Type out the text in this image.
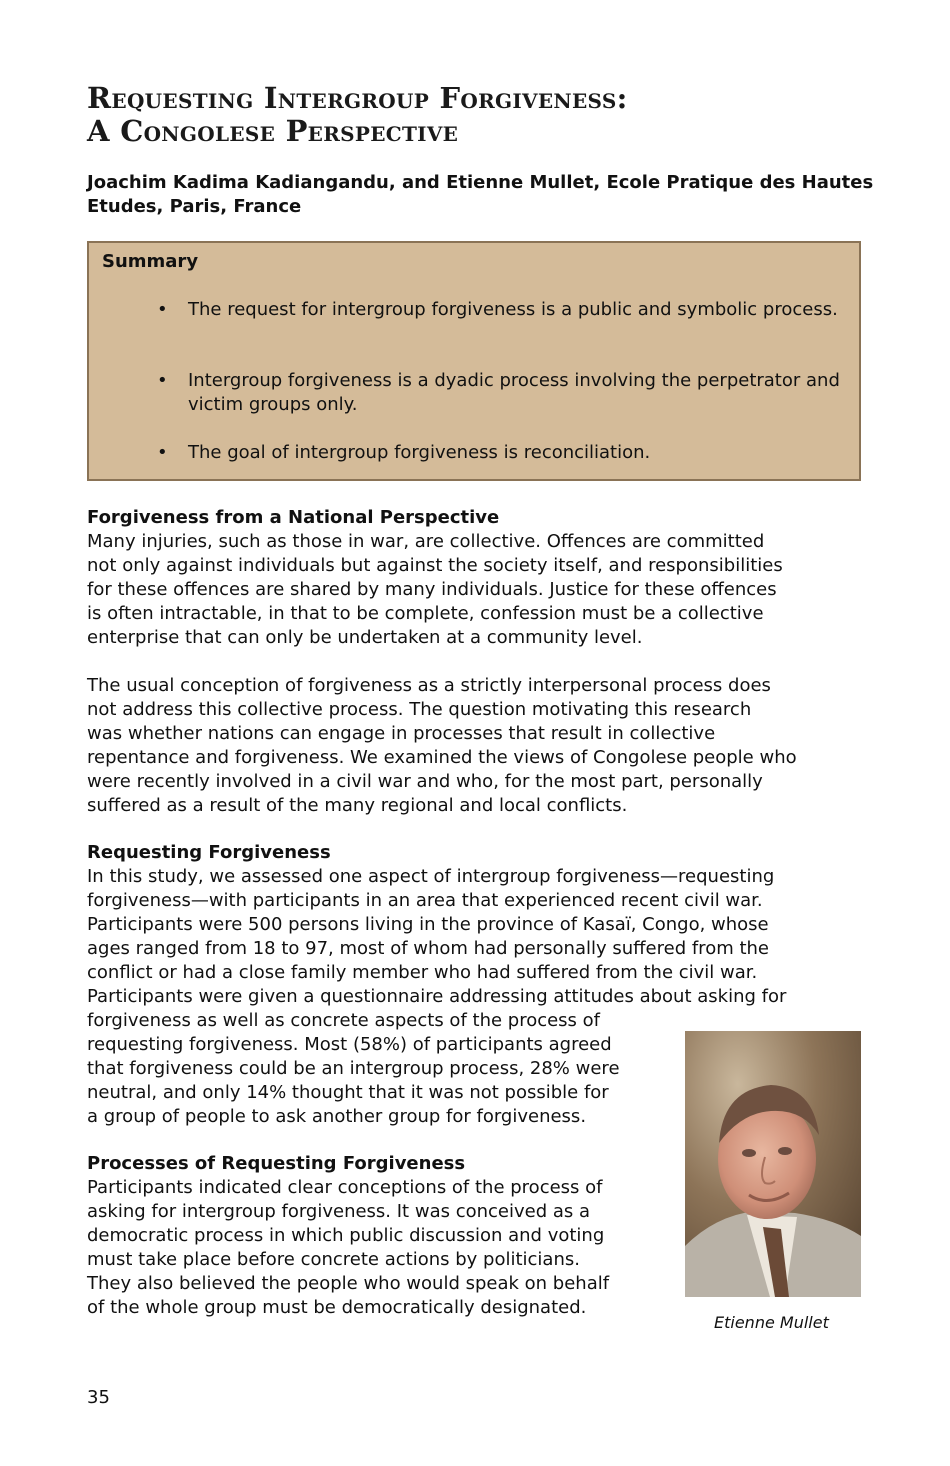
Requesting Intergroup Forgiveness:
A Congolese Perspective
Joachim Kadima Kadiangandu, and Etienne Mullet, Ecole Pratique des Hautes Etudes, Paris, France
Summary
• The request for intergroup forgiveness is a public and symbolic process.
• Intergroup forgiveness is a dyadic process involving the perpetrator and victim groups only.
• The goal of intergroup forgiveness is reconciliation.
Forgiveness from a National Perspective
Many injuries, such as those in war, are collective. Offences are committed
not only against individuals but against the society itself, and responsibilities
for these offences are shared by many individuals. Justice for these offences
is often intractable, in that to be complete, confession must be a collective
enterprise that can only be undertaken at a community level.
The usual conception of forgiveness as a strictly interpersonal process does
not address this collective process. The question motivating this research
was whether nations can engage in processes that result in collective
repentance and forgiveness. We examined the views of Congolese people who
were recently involved in a civil war and who, for the most part, personally
suffered as a result of the many regional and local conflicts.
Requesting Forgiveness
In this study, we assessed one aspect of intergroup forgiveness—requesting
forgiveness—with participants in an area that experienced recent civil war.
Participants were 500 persons living in the province of Kasaï, Congo, whose
ages ranged from 18 to 97, most of whom had personally suffered from the
conflict or had a close family member who had suffered from the civil war.
Participants were given a questionnaire addressing attitudes about asking for
forgiveness as well as concrete aspects of the process of
requesting forgiveness. Most (58%) of participants agreed
that forgiveness could be an intergroup process, 28% were
neutral, and only 14% thought that it was not possible for
a group of people to ask another group for forgiveness.
Processes of Requesting Forgiveness
Participants indicated clear conceptions of the process of
asking for intergroup forgiveness. It was conceived as a
democratic process in which public discussion and voting
must take place before concrete actions by politicians.
They also believed the people who would speak on behalf
of the whole group must be democratically designated.
Etienne Mullet
35
